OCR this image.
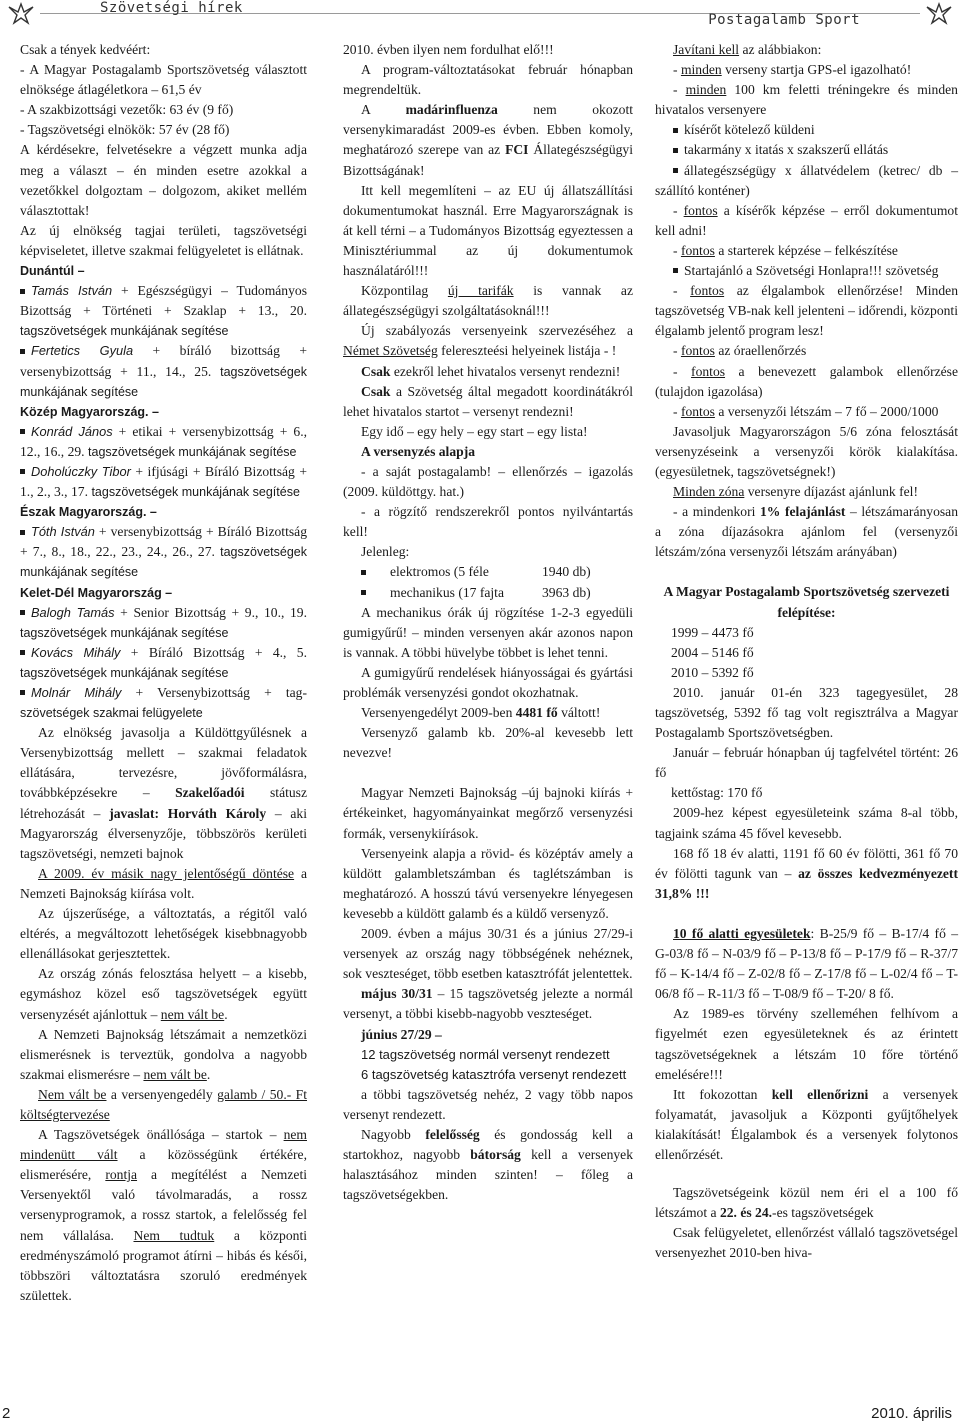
Szövetségi hírek
Postagalamb Sport

Csak a tények kedvéért:

- A Magyar Postagalamb Sportszövetség választott elnöksége átlagéletkora – 61,5 év

- A szakbizottsági vezetők: 63 év (9 fő)

- Tagszövetségi elnökök: 57 év (28 fő)

A kérdésekre, felvetésekre a végzett munka adja meg a választ – én minden esetre azokkal a vezetőkkel dolgoztam – dolgozom, akiket mellém választottak!

Az új elnökség tagjai területi, tagszövetségi képviseletet, illetve szakmai felügyeletet is ellátnak.

Dunántúl –

Tamás István + Egészségügyi – Tudományos Bizottság + Történeti + Szaklap + 13., 20. tagszövetségek munkájának segítése

Fertetics Gyula + bíráló bizottság + versenybizottság + 11., 14., 25. tagszövetségek munkájának segítése

Közép Magyarország. –

Konrád János + etikai + versenybizottság + 6., 12., 16., 29. tagszövetségek munkájának segítése

Doholúczky Tibor + ifjúsági + Bíráló Bizottság + 1., 2., 3., 17. tagszövetségek munkájának segítése

Észak Magyarország. –

Tóth István + versenybizottság + Bíráló Bizottság + 7., 8., 18., 22., 23., 24., 26., 27. tagszövetségek munkájának segítése

Kelet-Dél Magyarország –

Balogh Tamás + Senior Bizottság + 9., 10., 19. tagszövetségek munkájának segítése

Kovács Mihály + Bíráló Bizottság + 4., 5. tagszövetségek munkájának segítése

Molnár Mihály + Versenybizottság + tag- szövetségek szakmai felügyelete

Az elnökség javasolja a Küldöttgyűlésnek a Versenybizottság mellett – szakmai feladatok ellátására, tervezésre, jövőformálásra, továbbképzésekre – Szakelőadói státusz létrehozását – javaslat: Horváth Károly – aki Magyarország élversenyzője, többszörös kerületi tagszövetségi, nemzeti bajnok

A 2009. év másik nagy jelentőségű döntése a Nemzeti Bajnokság kiírása volt.

Az újszerűsége, a változtatás, a régitől való eltérés, a megváltozott lehetőségek kisebbnagyobb ellenállásokat gerjesztettek.

Az ország zónás felosztása helyett – a kisebb, egymáshoz közel eső tagszövetségek együtt versenyzését ajánlottuk – nem vált be.

A Nemzeti Bajnokság létszámait a nemzetközi elismerésnek is terveztük, gondolva a nagyobb szakmai elismerésre – nem vált be.

Nem vált be a versenyengedély galamb / 50.- Ft költségtervezése

A Tagszövetségek önállósága – startok – nem mindenütt vált a közösségünk értékére, elismerésére, rontja a megítélést a Nemzeti Versenyektől való távolmaradás, a rossz versenyprogramok, a rossz startok, a felelősség fel nem vállalása. Nem tudtuk a központi eredményszámoló programot átírni – hibás és késői, többszöri változtatásra szoruló eredmények születtek.

2010. évben ilyen nem fordulhat elő!!!

A program-változtatásokat február hónapban megrendeltük.

A madárinfluenza nem okozott versenykimaradást 2009-es évben. Ebben komoly, meghatározó szerepe van az FCI Állategészségügyi Bizottságának!

Itt kell megemlíteni – az EU új állatszállítási dokumentumokat használ. Erre Magyarországnak is át kell térni – a Tudományos Bizottság egyeztessen a Minisztériummal az új dokumentumok használatáról!!!

Központilag új tarifák is vannak az állategészségügyi szolgáltatásoknál!!!

Új szabályozás versenyeink szervezéséhez a Német Szövetség felereszteési helyeinek listája - !

Csak ezekről lehet hivatalos versenyt rendezni!

Csak a Szövetség által megadott koordinátákról lehet hivatalos startot – versenyt rendezni!

Egy idő – egy hely – egy start – egy lista!

A versenyzés alapja

- a saját postagalamb! – ellenőrzés – igazolás (2009. küldöttgy. hat.)

- a rögzítő rendszerekről pontos nyilvántartás kell!

Jelenleg:

elektromos (5 féle	1940 db)

mechanikus (17 fajta	3963 db)

A mechanikus órák új rögzítése 1-2-3 egyedüli gumigyűrű! – minden versenyen akár azonos napon is vannak. A többi hüvelybe többet is lehet tenni.

A gumigyűrű rendelések hiányosságai és gyártási problémák versenyzési gondot okozhatnak.

Versenyengedélyt 2009-ben 4481 fő váltott!

Versenyző galamb kb. 20%-al kevesebb lett nevezve!

Magyar Nemzeti Bajnokság –új bajnoki kiírás + értékeinket, hagyományainkat megőrző versenyzési formák, versenykiírások.

Versenyeink alapja a rövid- és középtáv amely a küldött galambletszámban és taglétszámban is meghatározó. A hosszú távú versenyekre lényegesen kevesebb a küldött galamb és a küldő versenyző.

2009. évben a május 30/31 és a június 27/29-i versenyek az ország nagy többségének nehéznek, sok veszteséget, több esetben katasztrófát jelentettek.

május 30/31 – 15 tagszövetség jelezte a normál versenyt, a többi kisebb-nagyobb veszteséget.

június 27/29 –

12 tagszövetség normál versenyt rendezett

6 tagszövetség katasztrófa versenyt rendezett

a többi tagszövetség nehéz, 2 vagy több napos versenyt rendezett.

Nagyobb felelősség és gondosság kell a startokhoz, nagyobb bátorság kell a versenyek halasztásához minden szinten! – főleg a tagszövetségekben.

Javítani kell az alábbiakon:

- minden verseny startja GPS-el igazolható!

- minden 100 km feletti tréningekre és minden hivatalos versenyere

kísérőt kötelező küldeni

takarmány x itatás x szakszerű ellátás

állategészségügy x állatvédelem (ketrec/ db – szállító konténer)

- fontos a kísérők képzése – erről dokumentumot kell adni!

- fontos a starterek képzése – felkészítése

Startajánló a Szövetségi Honlapra!!! szövetség

- fontos az élgalambok ellenőrzése! Minden tagszövetség VB-nak kell jelenteni – időrendi, központi élgalamb jelentő program lesz!

- fontos az óraellenőrzés

- fontos a benevezett galambok ellenőrzése (tulajdon igazolása)

- fontos a versenyzői létszám – 7 fő – 2000/1000

Javasoljuk Magyarországon 5/6 zóna felosztását versenyzéseink a versenyzői körök kialakítása. (egyesületnek, tagszövetségnek!)

Minden zóna versenyre díjazást ajánlunk fel!

- a mindenkori 1% felajánlást – létszámarányosan a zóna díjazásokra ajánlom fel (versenyzői létszám/zóna versenyzői létszám arányában)

A Magyar Postagalamb Sportszövetség szervezeti felépítése:

1999 – 4473 fő

2004 – 5146 fő

2010 – 5392 fő

2010. január 01-én 323 tagegyesület, 28 tagszövetség, 5392 fő tag volt regisztrálva a Magyar Postagalamb Sportszövetségben.

Január – február hónapban új tagfelvétel történt: 26 fő

kettőstag: 170 fő

2009-hez képest egyesületeink száma 8-al több, tagjaink száma 45 fővel kevesebb.

168 fő 18 év alatti, 1191 fő 60 év fölötti, 361 fő 70 év fölötti tagunk van – az összes kedvezményezett 31,8% !!!

10 fő alatti egyesületek: B-25/9 fő – B-17/4 fő – G-03/8 fő – N-03/9 fő – P-13/8 fő – P-17/9 fő – R-37/7 fő – K-14/4 fő – Z-02/8 fő – Z-17/8 fő – L-02/4 fő – T-06/8 fő – R-11/3 fő – T-08/9 fő – T-20/ 8 fő.

Az 1989-es törvény szelleméhen felhívom a figyelmét ezen egyesületeknek és az érintett tagszövetségeknek a létszám 10 főre történő emelésére!!!

Itt fokozottan kell ellenőrizni a versenyek folyamatát, javasoljuk a Központi gyűjtőhelyek kialakítását! Élgalambok és a versenyek folytonos ellenőrzését.

Tagszövetségeink közül nem éri el a 100 fő létszámot a 22. és 24.-es tagszövetségek

Csak felügyeletet, ellenőrzést vállaló tagszövetségel versenyezhet 2010-ben hiva-

2	2010. április
